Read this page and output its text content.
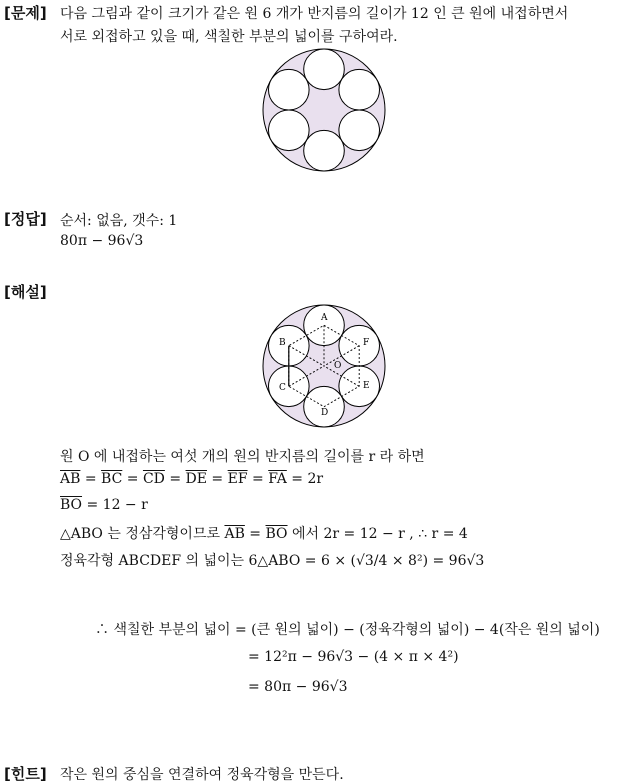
[문제] 다음 그림과 같이 크기가 같은 원 6 개가 반지름의 길이가 12 인 큰 원에 내접하면서
서로 외접하고 있을 때, 색칠한 부분의 넓이를 구하여라.
[정답] 순서: 없음, 갯수: 1
80π − 96√3
[해설]
A
B
C
D
E
F
O
원 O 에 내접하는 여섯 개의 원의 반지름의 길이를 r 라 하면
$\overline{AB} = \overline{BC} = \overline{CD} = \overline{DE} = \overline{EF} = \overline{FA} = 2r$
$\overline{BO} = 12 - r$
△ABO 는 정삼각형이므로 $\overline{AB} = \overline{BO}$ 에서 2r = 12 − r , ∴ r = 4
정육각형 ABCDEF 의 넓이는 6△ABO = 6 × (√3/4 × 8²) = 96√3
∴ 색칠한 부분의 넓이 = (큰 원의 넓이) − (정육각형의 넓이) − 4(작은 원의 넓이)
= 12²π − 96√3 − (4 × π × 4²)
= 80π − 96√3
[힌트] 작은 원의 중심을 연결하여 정육각형을 만든다.
